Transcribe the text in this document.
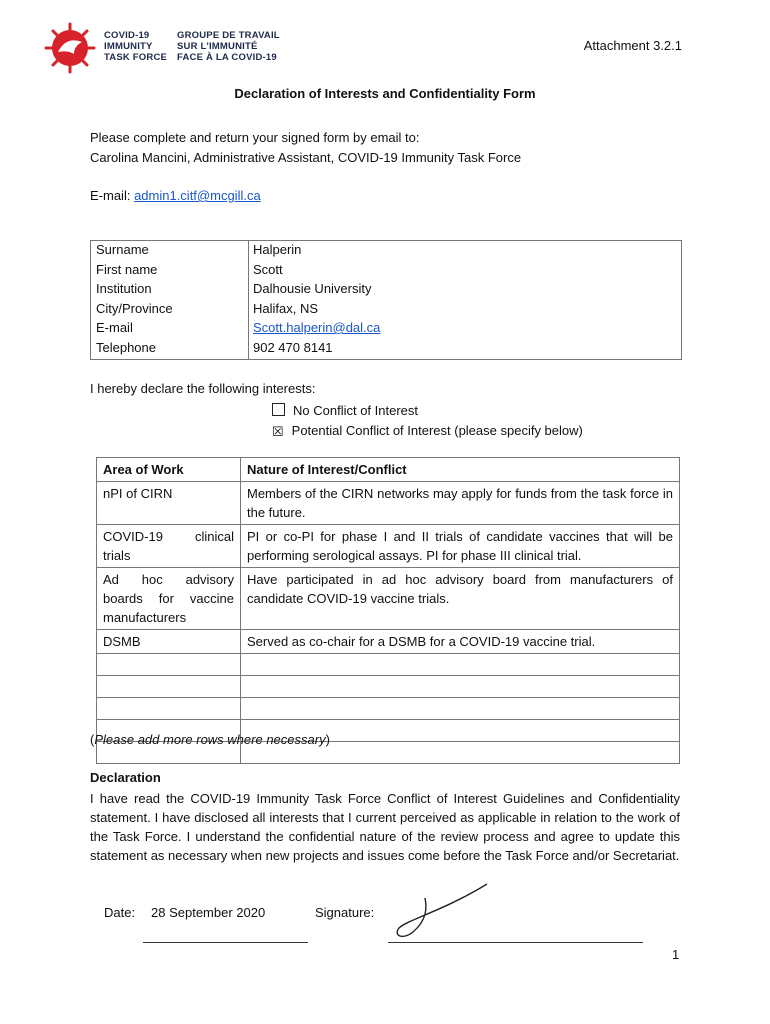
COVID-19
IMMUNITY
TASK FORCE
GROUPE DE TRAVAIL
SUR L'IMMUNITÉ
FACE À LA COVID-19
Attachment 3.2.1
Declaration of Interests and Confidentiality Form
Please complete and return your signed form by email to:
Carolina Mancini, Administrative Assistant, COVID-19 Immunity Task Force
E-mail: admin1.citf@mcgill.ca
Surname	Halperin
First name	Scott
Institution	Dalhousie University
City/Province	Halifax, NS
E-mail	Scott.halperin@dal.ca
Telephone	902 470 8141
I hereby declare the following interests:
No Conflict of Interest
☒ Potential Conflict of Interest (please specify below)
Area of Work	Nature of Interest/Conflict
nPI of CIRN	Members of the CIRN networks may apply for funds from the task force in the future.
COVID-19 clinical trials	PI or co-PI for phase I and II trials of candidate vaccines that will be performing serological assays. PI for phase III clinical trial.
Ad hoc advisory boards for vaccine manufacturers	Have participated in ad hoc advisory board from manufacturers of candidate COVID-19 vaccine trials.
DSMB	Served as co-chair for a DSMB for a COVID-19 vaccine trial.

(Please add more rows where necessary)
Declaration
I have read the COVID-19 Immunity Task Force Conflict of Interest Guidelines and Confidentiality statement. I have disclosed all interests that I current perceived as applicable in relation to the work of the Task Force. I understand the confidential nature of the review process and agree to update this statement as necessary when new projects and issues come before the Task Force and/or Secretariat.
Date: 28 September 2020	Signature:
1
